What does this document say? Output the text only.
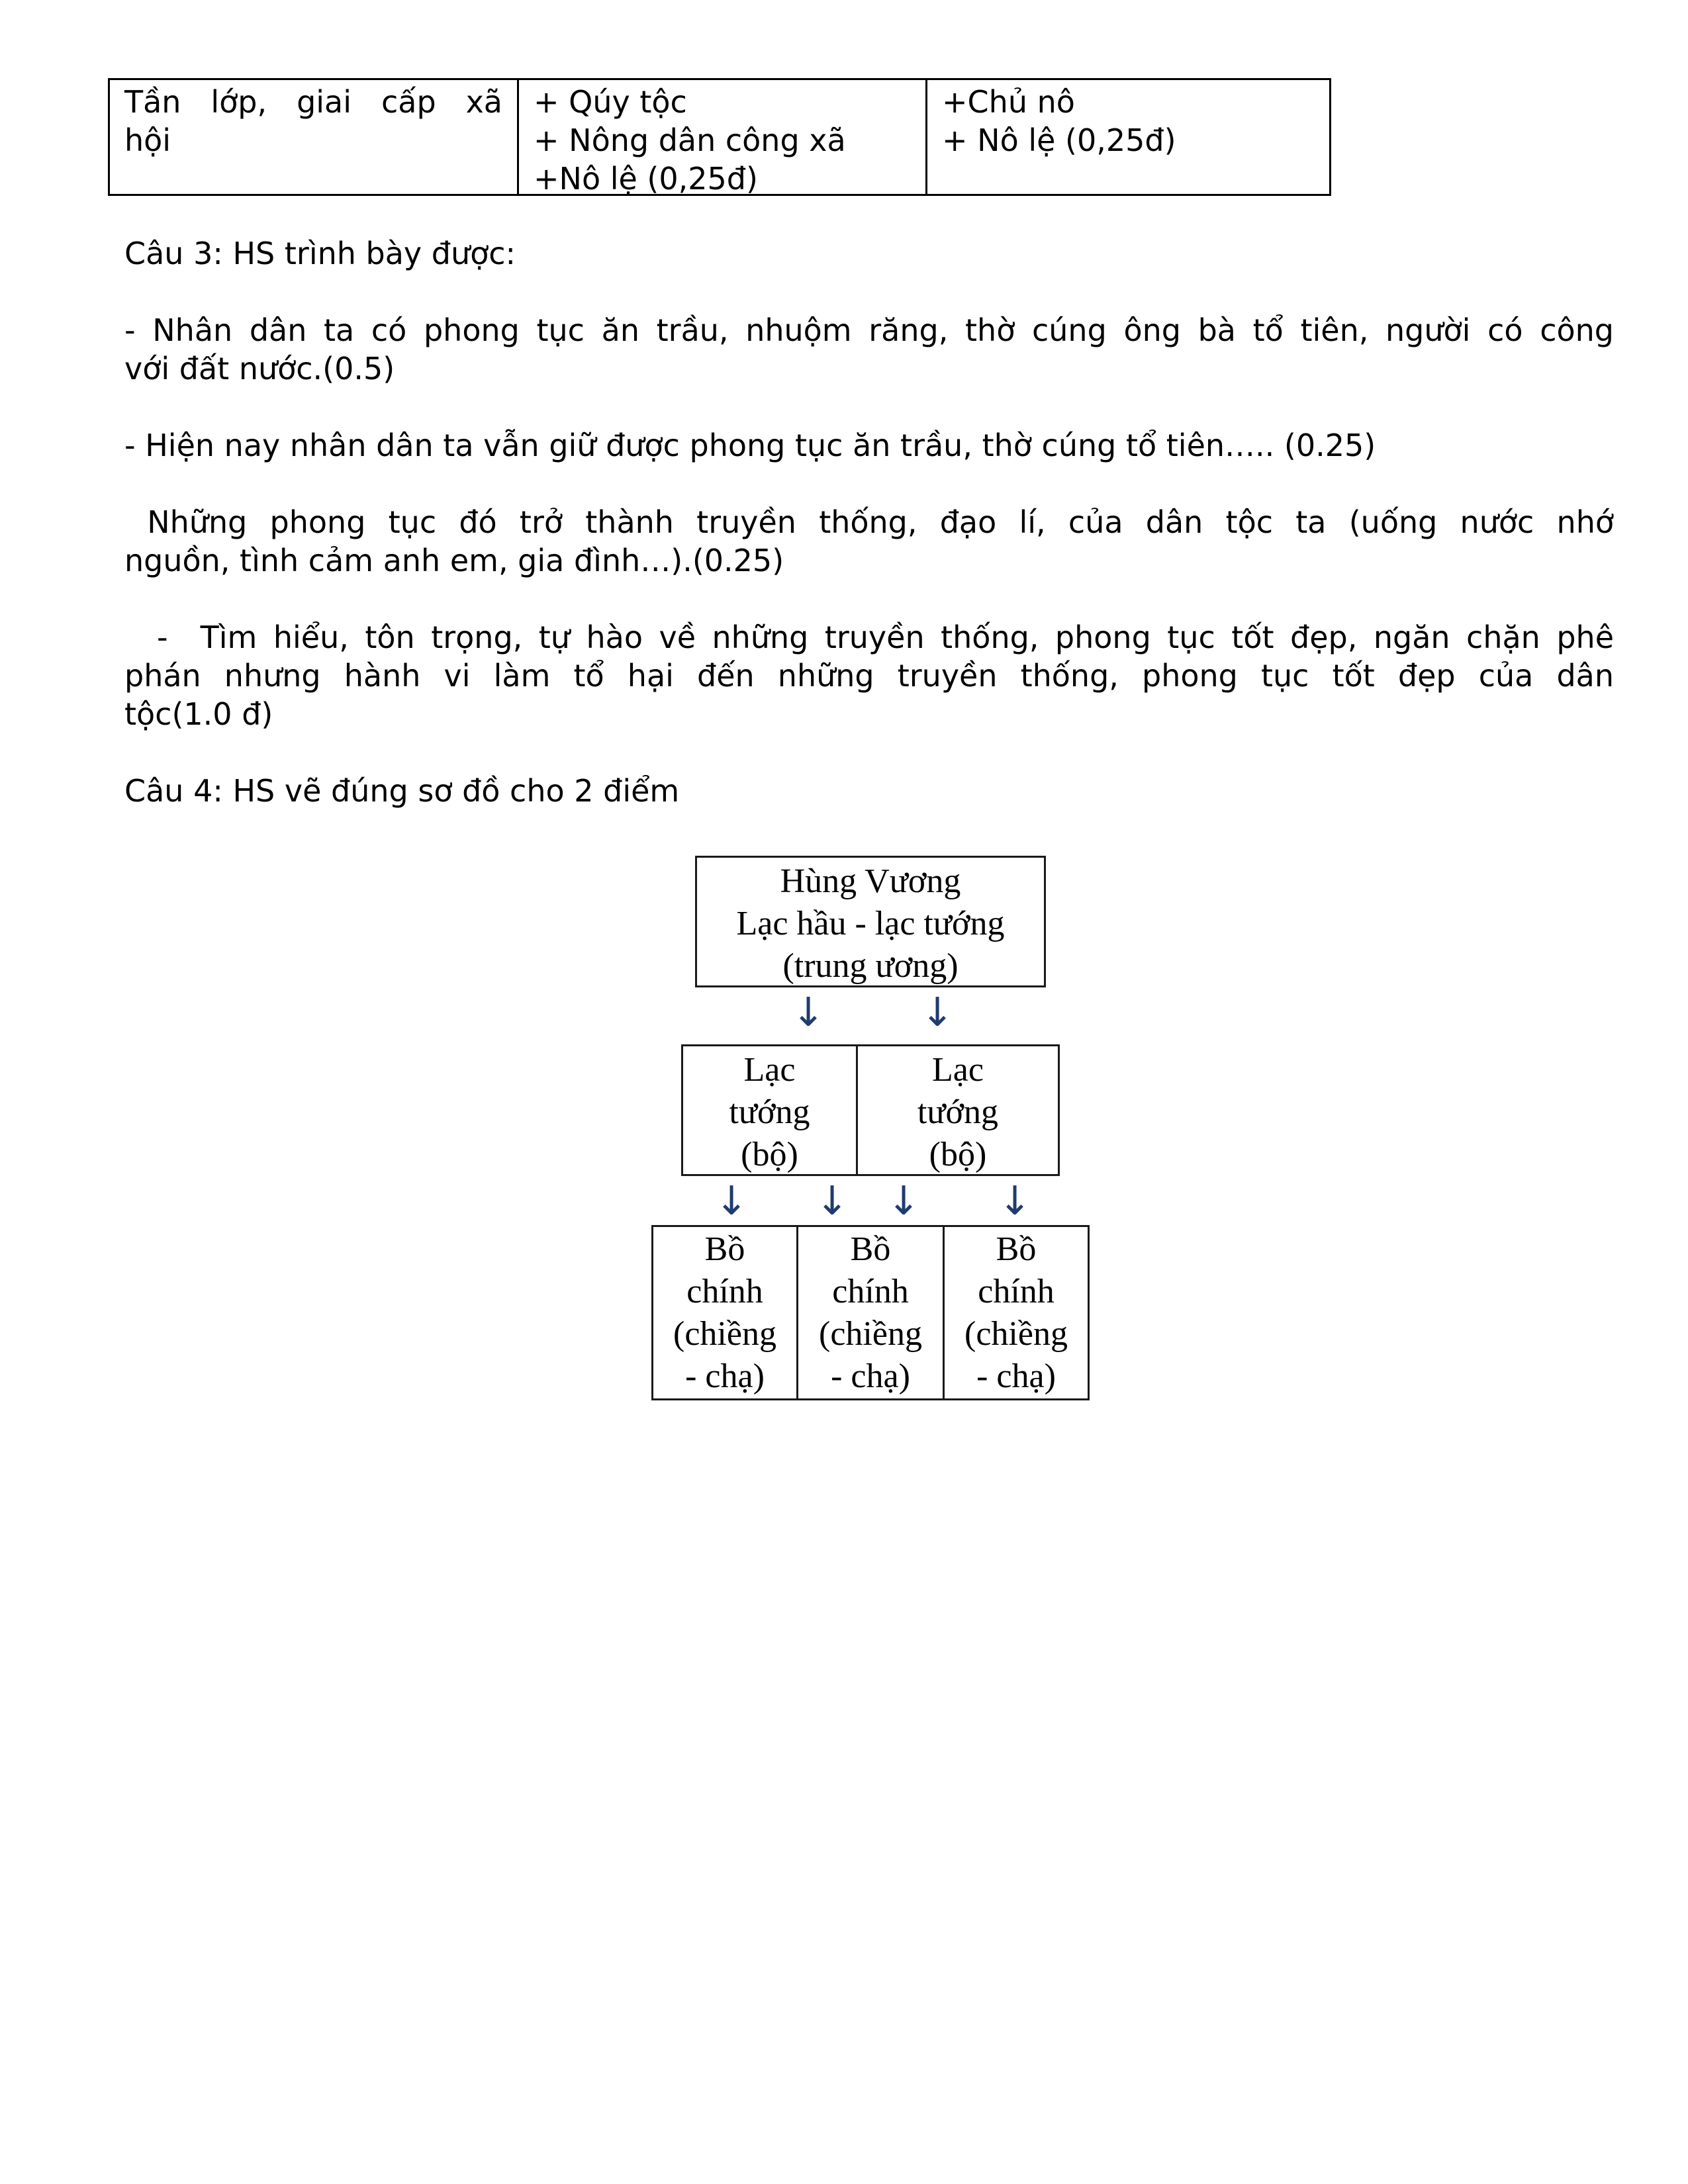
Tần lớp, giai cấp xã
hội
+ Qúy tộc
+ Nông dân công xã
+Nô lệ (0,25đ)
+Chủ nô
+ Nô lệ (0,25đ)

Câu 3: HS trình bày được:

- Nhân dân ta có phong tục ăn trầu, nhuộm răng, thờ cúng ông bà tổ tiên, người có công
với đất nước.(0.5)

- Hiện nay nhân dân ta vẫn giữ được phong tục ăn trầu, thờ cúng tổ tiên….. (0.25)

Những phong tục đó trở thành truyền thống, đạo lí, của dân tộc ta (uống nước nhớ
nguồn, tình cảm anh em, gia đình…).(0.25)

-  Tìm hiểu, tôn trọng, tự hào về những truyền thống, phong tục tốt đẹp, ngăn chặn phê
phán nhưng hành vi làm tổ hại đến những truyền thống, phong tục tốt đẹp của dân
tộc(1.0 đ)

Câu 4: HS vẽ đúng sơ đồ cho 2 điểm

Hùng Vương
Lạc hầu - lạc tướng
(trung ương)
↓ ↓
Lạc
tướng
(bộ)
Lạc
tướng
(bộ)
↓ ↓ ↓ ↓
Bồ
chính
(chiềng
- chạ)
Bồ
chính
(chiềng
- chạ)
Bồ
chính
(chiềng
- chạ)
